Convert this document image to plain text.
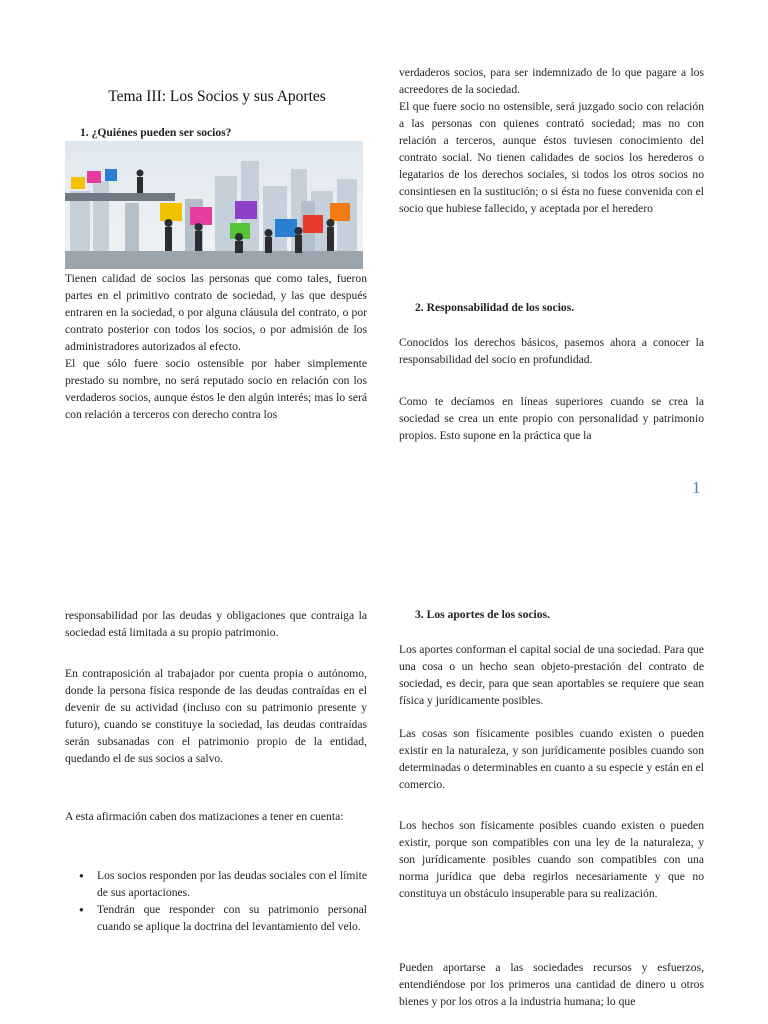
Tema III: Los Socios y sus Aportes
1. ¿Quiénes pueden ser socios?

Tienen calidad de socios las personas que como tales, fueron partes en el primitivo contrato de sociedad, y las que después entraren en la sociedad, o por alguna cláusula del contrato, o por contrato posterior con todos los socios, o por admisión de los administradores autorizados al efecto.

El que sólo fuere socio ostensible por haber simplemente prestado su nombre, no será reputado socio en relación con los verdaderos socios, aunque éstos le den algún interés; mas lo será con relación a terceros con derecho contra los

verdaderos socios, para ser indemnizado de lo que pagare a los acreedores de la sociedad.

El que fuere socio no ostensible, será juzgado socio con relación a las personas con quienes contrató sociedad; mas no con relación a terceros, aunque éstos tuviesen conocimiento del contrato social. No tienen calidades de socios los herederos o legatarios de los derechos sociales, si todos los otros socios no consintiesen en la sustitución; o si ésta no fuese convenida con el socio que hubiese fallecido, y aceptada por el heredero

2. Responsabilidad de los socios.
Conocidos los derechos básicos, pasemos ahora a conocer la responsabilidad del socio en profundidad.
Como te decíamos en líneas superiores cuando se crea la sociedad se crea un ente propio con personalidad y patrimonio propios. Esto supone en la práctica que la
1
responsabilidad por las deudas y obligaciones que contraiga la sociedad está limitada a su propio patrimonio.
En contraposición al trabajador por cuenta propia o autónomo, donde la persona física responde de las deudas contraídas en el devenir de su actividad (incluso con su patrimonio presente y futuro), cuando se constituye la sociedad, las deudas contraídas serán subsanadas con el patrimonio propio de la entidad, quedando el de sus socios a salvo.
A esta afirmación caben dos matizaciones a tener en cuenta:
● Los socios responden por las deudas sociales con el límite de sus aportaciones.
● Tendrán que responder con su patrimonio personal cuando se aplique la doctrina del levantamiento del velo.
3. Los aportes de los socios.
Los aportes conforman el capital social de una sociedad. Para que una cosa o un hecho sean objeto-prestación del contrato de sociedad, es decir, para que sean aportables se requiere que sean física y jurídicamente posibles.
Las cosas son físicamente posibles cuando existen o pueden existir en la naturaleza, y son jurídicamente posibles cuando son determinadas o determinables en cuanto a su especie y están en el comercio.
Los hechos son físicamente posibles cuando existen o pueden existir, porque son compatibles con una ley de la naturaleza, y son jurídicamente posibles cuando son compatibles con una norma jurídica que deba regirlos necesariamente y que no constituya un obstáculo insuperable para su realización.
Pueden aportarse a las sociedades recursos y esfuerzos, entendiéndose por los primeros una cantidad de dinero u otros bienes y por los otros a la industria humana; lo que
